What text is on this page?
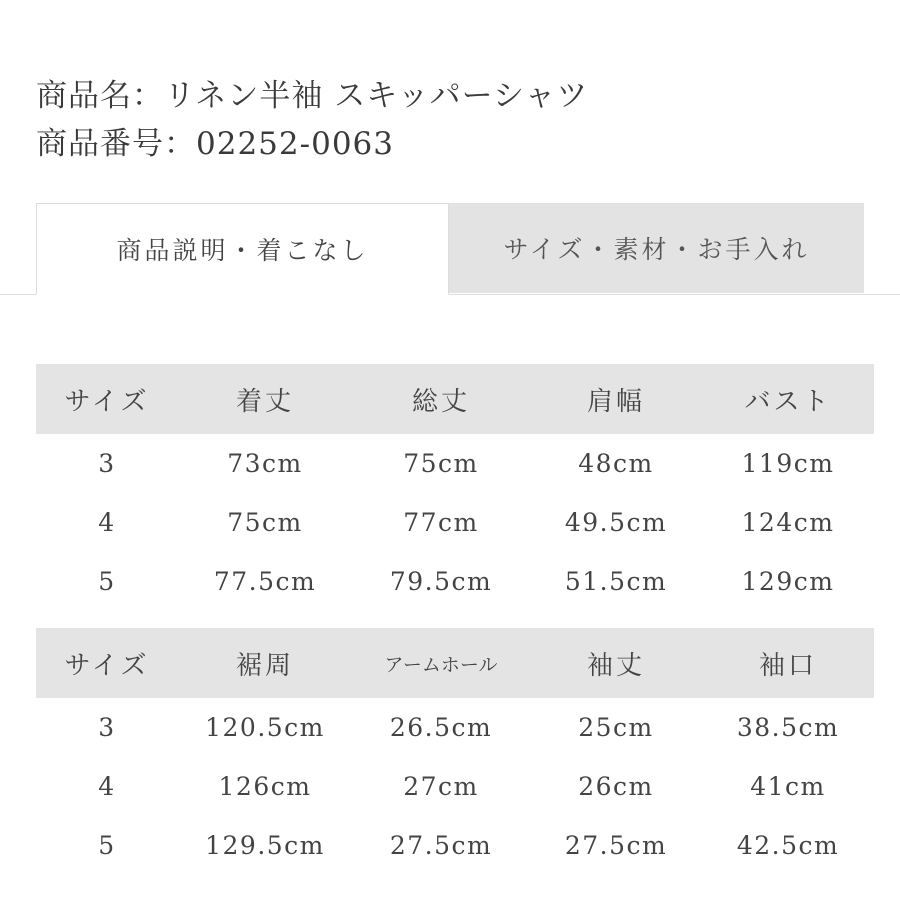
商品名：リネン半袖 スキッパーシャツ
商品番号：02252-0063
商品説明・着こなし	サイズ・素材・お手入れ
サイズ	着丈	総丈	肩幅	バスト
3	73cm	75cm	48cm	119cm
4	75cm	77cm	49.5cm	124cm
5	77.5cm	79.5cm	51.5cm	129cm
サイズ	裾周	アームホール	袖丈	袖口
3	120.5cm	26.5cm	25cm	38.5cm
4	126cm	27cm	26cm	41cm
5	129.5cm	27.5cm	27.5cm	42.5cm
